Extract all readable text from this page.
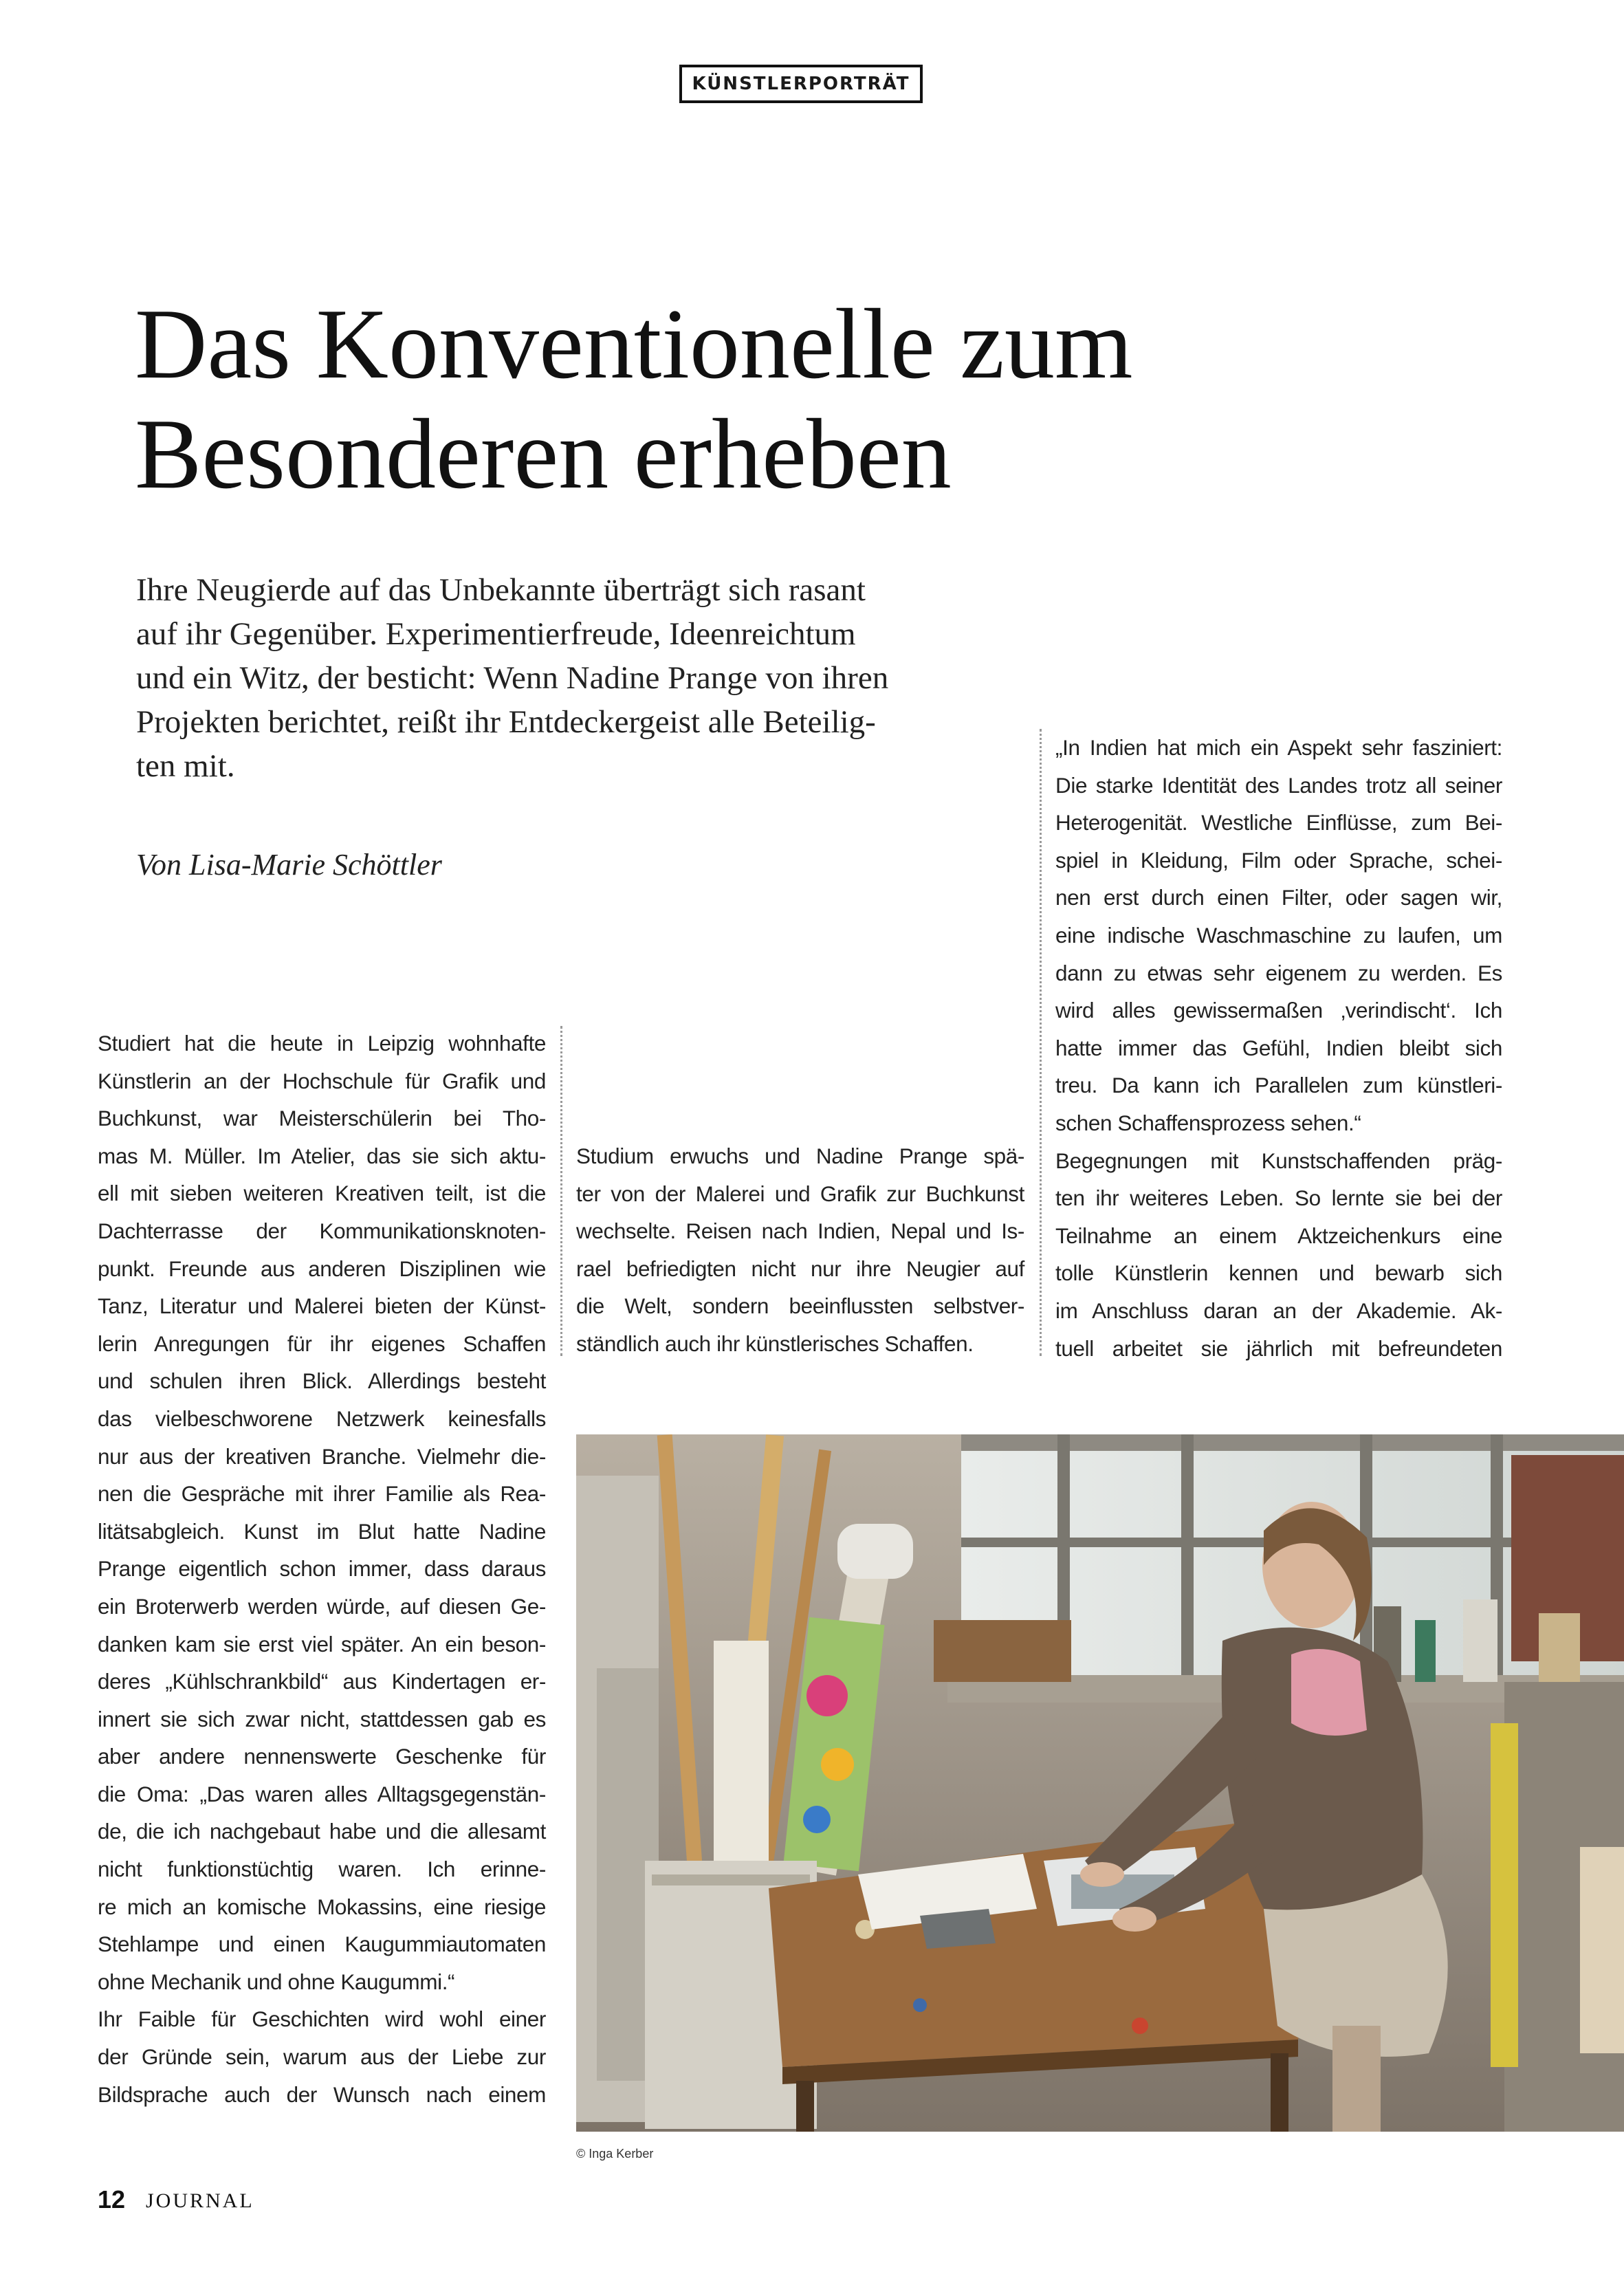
KÜNSTLERPORTRÄT
Das Konventionelle zum
Besonderen erheben
Ihre Neugierde auf das Unbekannte überträgt sich rasant
auf ihr Gegenüber. Experimentierfreude, Ideenreichtum
und ein Witz, der besticht: Wenn Nadine Prange von ihren
Projekten berichtet, reißt ihr Entdeckergeist alle Beteilig-
ten mit.
Von Lisa-Marie Schöttler
Studiert hat die heute in Leipzig wohnhafte
Künstlerin an der Hochschule für Grafik und
Buchkunst, war Meisterschülerin bei Tho-
mas M. Müller. Im Atelier, das sie sich aktu-
ell mit sieben weiteren Kreativen teilt, ist die
Dachterrasse der Kommunikationsknoten-
punkt. Freunde aus anderen Disziplinen wie
Tanz, Literatur und Malerei bieten der Künst-
lerin Anregungen für ihr eigenes Schaffen
und schulen ihren Blick. Allerdings besteht
das vielbeschworene Netzwerk keinesfalls
nur aus der kreativen Branche. Vielmehr die-
nen die Gespräche mit ihrer Familie als Rea-
litätsabgleich. Kunst im Blut hatte Nadine
Prange eigentlich schon immer, dass daraus
ein Broterwerb werden würde, auf diesen Ge-
danken kam sie erst viel später. An ein beson-
deres „Kühlschrankbild“ aus Kindertagen er-
innert sie sich zwar nicht, stattdessen gab es
aber andere nennenswerte Geschenke für
die Oma: „Das waren alles Alltagsgegenstän-
de, die ich nachgebaut habe und die allesamt
nicht funktionstüchtig waren. Ich erinne-
re mich an komische Mokassins, eine riesige
Stehlampe und einen Kaugummiautomaten
ohne Mechanik und ohne Kaugummi.“
Ihr Faible für Geschichten wird wohl einer
der Gründe sein, warum aus der Liebe zur
Bildsprache auch der Wunsch nach einem
Studium erwuchs und Nadine Prange spä-
ter von der Malerei und Grafik zur Buchkunst
wechselte. Reisen nach Indien, Nepal und Is-
rael befriedigten nicht nur ihre Neugier auf
die Welt, sondern beeinflussten selbstver-
ständlich auch ihr künstlerisches Schaffen.
„In Indien hat mich ein Aspekt sehr fasziniert:
Die starke Identität des Landes trotz all seiner
Heterogenität. Westliche Einflüsse, zum Bei-
spiel in Kleidung, Film oder Sprache, schei-
nen erst durch einen Filter, oder sagen wir,
eine indische Waschmaschine zu laufen, um
dann zu etwas sehr eigenem zu werden. Es
wird alles gewissermaßen ‚verindischt‘. Ich
hatte immer das Gefühl, Indien bleibt sich
treu. Da kann ich Parallelen zum künstleri-
schen Schaffensprozess sehen.“
Begegnungen mit Kunstschaffenden präg-
ten ihr weiteres Leben. So lernte sie bei der
Teilnahme an einem Aktzeichenkurs eine
tolle Künstlerin kennen und bewarb sich
im Anschluss daran an der Akademie. Ak-
tuell arbeitet sie jährlich mit befreundeten
© Inga Kerber
12 JOURNAL
